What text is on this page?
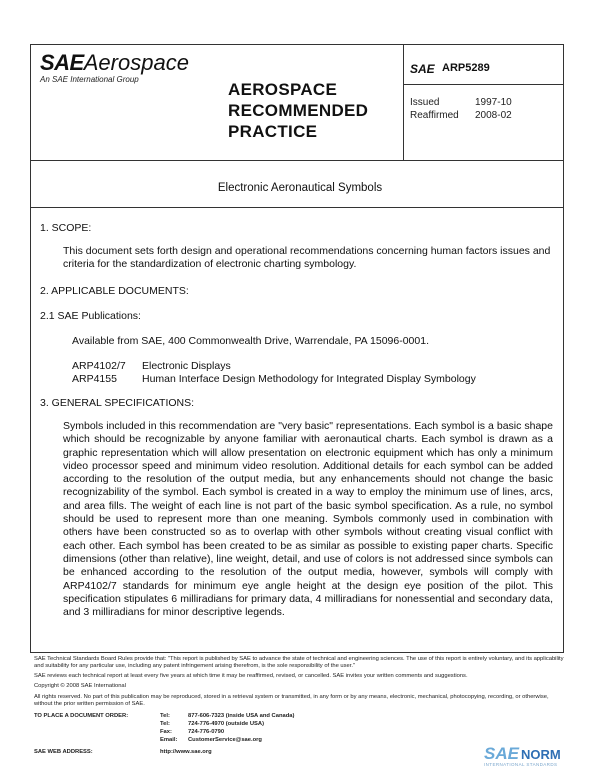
SAEAerospace
An SAE International Group
AEROSPACE
RECOMMENDED
PRACTICE
SAE ARP5289
Issued	1997-10
Reaffirmed 2008-02
Electronic Aeronautical Symbols
1. SCOPE:
This document sets forth design and operational recommendations concerning human factors issues and criteria for the standardization of electronic charting symbology.
2. APPLICABLE DOCUMENTS:
2.1 SAE Publications:
Available from SAE, 400 Commonwealth Drive, Warrendale, PA 15096-0001.
ARP4102/7 Electronic Displays
ARP4155 Human Interface Design Methodology for Integrated Display Symbology
3. GENERAL SPECIFICATIONS:
Symbols included in this recommendation are "very basic" representations. Each symbol is a basic shape which should be recognizable by anyone familiar with aeronautical charts. Each symbol is drawn as a graphic representation which will allow presentation on electronic equipment which has only a minimum video processor speed and minimum video resolution. Additional details for each symbol can be added according to the resolution of the output media, but any enhancements should not change the basic recognizability of the symbol. Each symbol is created in a way to employ the minimum use of lines, arcs, and area fills. The weight of each line is not part of the basic symbol specification. As a rule, no symbol should be used to represent more than one meaning. Symbols commonly used in combination with others have been constructed so as to overlap with other symbols without creating visual conflict with each other. Each symbol has been created to be as similar as possible to existing paper charts. Specific dimensions (other than relative), line weight, detail, and use of colors is not addressed since symbols can be enhanced according to the resolution of the output media, however, symbols will comply with ARP4102/7 standards for minimum eye angle height at the design eye position of the pilot. This specification stipulates 6 milliradians for primary data, 4 milliradians for nonessential and secondary data, and 3 milliradians for minor descriptive legends.
SAE Technical Standards Board Rules provide that: "This report is published by SAE to advance the state of technical and engineering sciences. The use of this report is entirely voluntary, and its applicability and suitability for any particular use, including any patent infringement arising therefrom, is the sole responsibility of the user."
SAE reviews each technical report at least every five years at which time it may be reaffirmed, revised, or cancelled. SAE invites your written comments and suggestions.
Copyright © 2008 SAE International
All rights reserved. No part of this publication may be reproduced, stored in a retrieval system or transmitted, in any form or by any means, electronic, mechanical, photocopying, recording, or otherwise, without the prior written permission of SAE.
TO PLACE A DOCUMENT ORDER:	Tel:	877-606-7323 (inside USA and Canada)
Tel:	724-776-4970 (outside USA)
Fax:	724-776-0790
Email: CustomerService@sae.org
SAE WEB ADDRESS:	http://www.sae.org	SAE NORM
INTERNATIONAL STANDARDS
